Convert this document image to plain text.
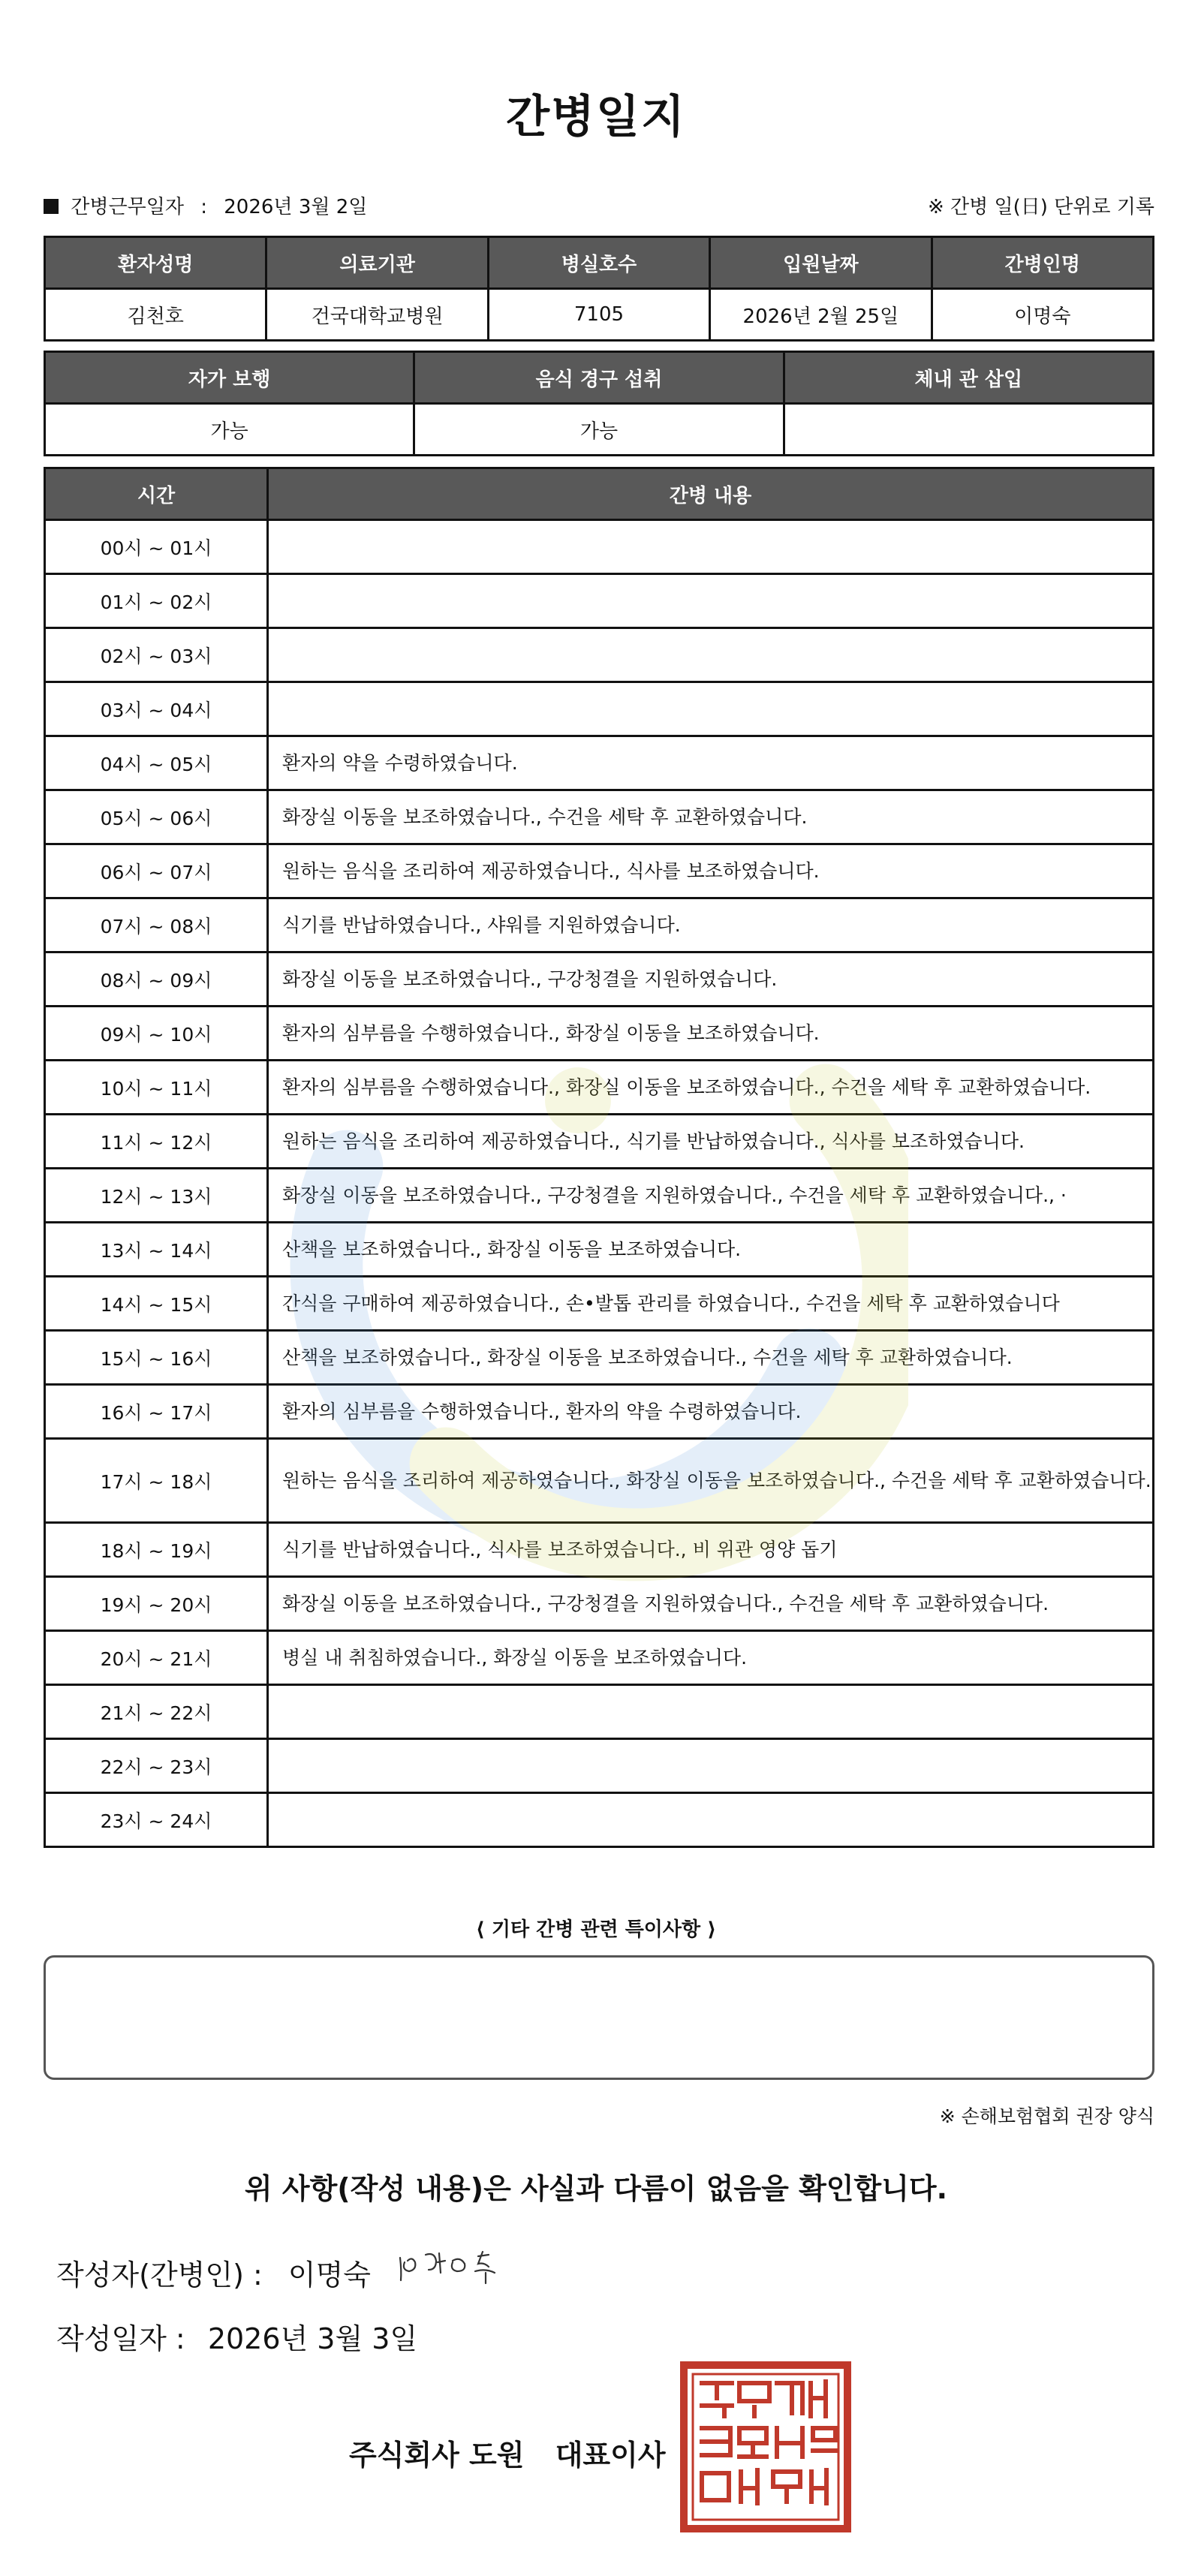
간병일지
간병근무일자 : 2026년 3월 2일	※ 간병 일(日) 단위로 기록
환자성명	의료기관	병실호수	입원날짜	간병인명
김천호	건국대학교병원	7105	2026년 2월 25일	이명숙
자가 보행	음식 경구 섭취	체내 관 삽입
가능	가능	
시간	간병 내용
00시 ~ 01시	
01시 ~ 02시	
02시 ~ 03시	
03시 ~ 04시	
04시 ~ 05시	환자의 약을 수령하였습니다.
05시 ~ 06시	화장실 이동을 보조하였습니다., 수건을 세탁 후 교환하였습니다.
06시 ~ 07시	원하는 음식을 조리하여 제공하였습니다., 식사를 보조하였습니다.
07시 ~ 08시	식기를 반납하였습니다., 샤워를 지원하였습니다.
08시 ~ 09시	화장실 이동을 보조하였습니다., 구강청결을 지원하였습니다.
09시 ~ 10시	환자의 심부름을 수행하였습니다., 화장실 이동을 보조하였습니다.
10시 ~ 11시	환자의 심부름을 수행하였습니다., 화장실 이동을 보조하였습니다., 수건을 세탁 후 교환하였습니다.
11시 ~ 12시	원하는 음식을 조리하여 제공하였습니다., 식기를 반납하였습니다., 식사를 보조하였습니다.
12시 ~ 13시	화장실 이동을 보조하였습니다., 구강청결을 지원하였습니다., 수건을 세탁 후 교환하였습니다., ·
13시 ~ 14시	산책을 보조하였습니다., 화장실 이동을 보조하였습니다.
14시 ~ 15시	간식을 구매하여 제공하였습니다., 손•발톱 관리를 하였습니다., 수건을 세탁 후 교환하였습니다
15시 ~ 16시	산책을 보조하였습니다., 화장실 이동을 보조하였습니다., 수건을 세탁 후 교환하였습니다.
16시 ~ 17시	환자의 심부름을 수행하였습니다., 환자의 약을 수령하였습니다.
17시 ~ 18시	원하는 음식을 조리하여 제공하였습니다., 화장실 이동을 보조하였습니다., 수건을 세탁 후 교환하였습니다.
18시 ~ 19시	식기를 반납하였습니다., 식사를 보조하였습니다., 비 위관 영양 돕기
19시 ~ 20시	화장실 이동을 보조하였습니다., 구강청결을 지원하였습니다., 수건을 세탁 후 교환하였습니다.
20시 ~ 21시	병실 내 취침하였습니다., 화장실 이동을 보조하였습니다.
21시 ~ 22시	
22시 ~ 23시	
23시 ~ 24시	
⟨ 기타 간병 관련 특이사항 ⟩
※ 손해보험협회 권장 양식
위 사항(작성 내용)은 사실과 다름이 없음을 확인합니다.
작성자(간병인) : 이명숙
작성일자 : 2026년 3월 3일
주식회사 도원 대표이사
